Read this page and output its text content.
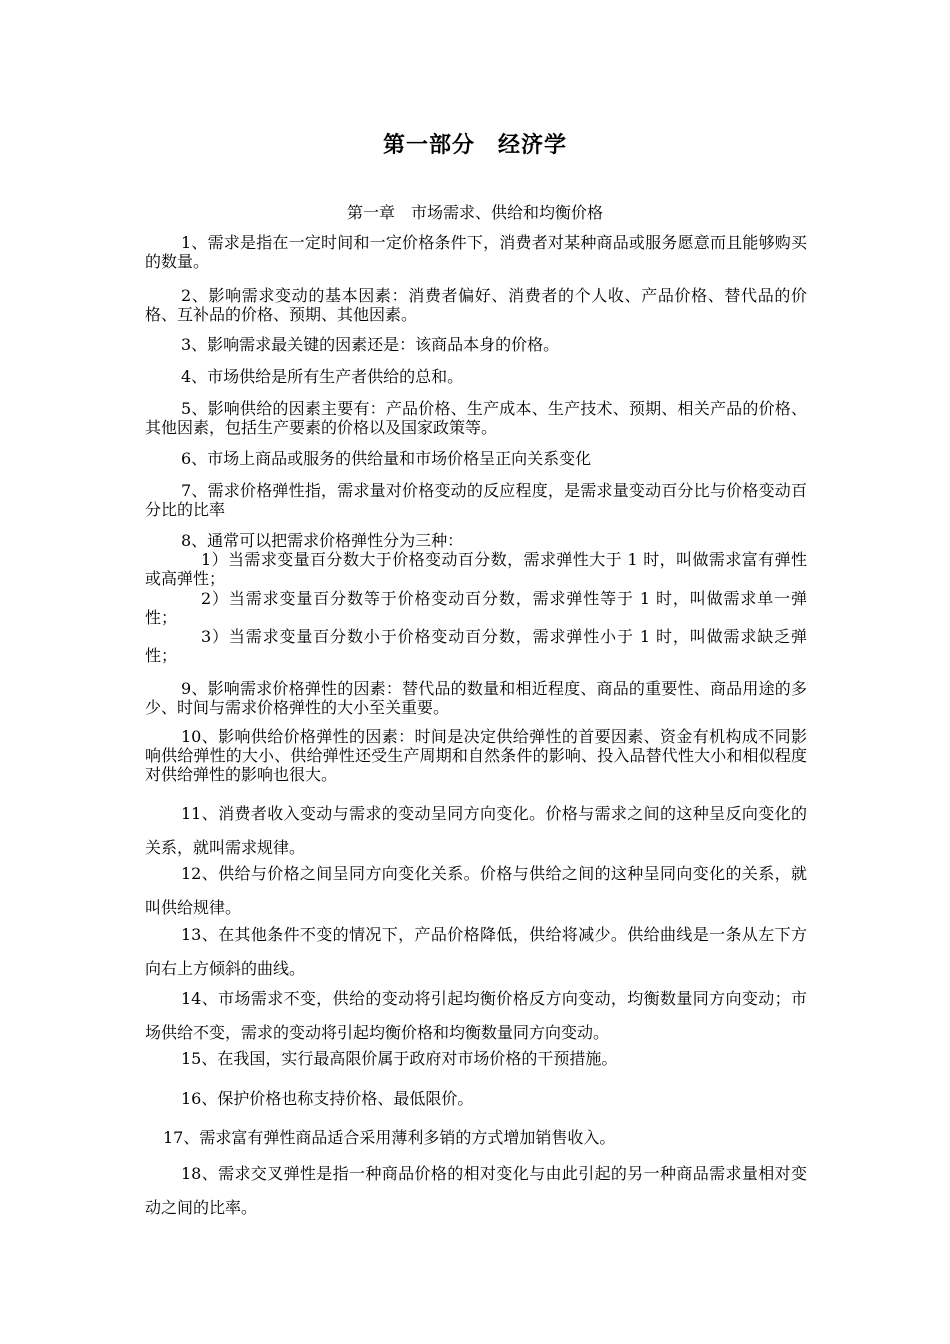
第一部分　经济学
第一章　市场需求、供给和均衡价格

1、需求是指在一定时间和一定价格条件下，消费者对某种商品或服务愿意而且能够购买的数量。

2、影响需求变动的基本因素：消费者偏好、消费者的个人收、产品价格、替代品的价格、互补品的价格、预期、其他因素。

3、影响需求最关键的因素还是：该商品本身的价格。

4、市场供给是所有生产者供给的总和。

5、影响供给的因素主要有：产品价格、生产成本、生产技术、预期、相关产品的价格、其他因素，包括生产要素的价格以及国家政策等。

6、市场上商品或服务的供给量和市场价格呈正向关系变化

7、需求价格弹性指，需求量对价格变动的反应程度，是需求量变动百分比与价格变动百分比的比率

8、通常可以把需求价格弹性分为三种：

1）当需求变量百分数大于价格变动百分数，需求弹性大于 1 时，叫做需求富有弹性或高弹性；

2）当需求变量百分数等于价格变动百分数，需求弹性等于 1 时，叫做需求单一弹性；

3）当需求变量百分数小于价格变动百分数，需求弹性小于 1 时，叫做需求缺乏弹性；

9、影响需求价格弹性的因素：替代品的数量和相近程度、商品的重要性、商品用途的多少、时间与需求价格弹性的大小至关重要。

10、影响供给价格弹性的因素：时间是决定供给弹性的首要因素、资金有机构成不同影响供给弹性的大小、供给弹性还受生产周期和自然条件的影响、投入品替代性大小和相似程度对供给弹性的影响也很大。

11、消费者收入变动与需求的变动呈同方向变化。价格与需求之间的这种呈反向变化的关系，就叫需求规律。

12、供给与价格之间呈同方向变化关系。价格与供给之间的这种呈同向变化的关系，就叫供给规律。

13、在其他条件不变的情况下，产品价格降低，供给将减少。供给曲线是一条从左下方向右上方倾斜的曲线。

14、市场需求不变，供给的变动将引起均衡价格反方向变动，均衡数量同方向变动；市场供给不变，需求的变动将引起均衡价格和均衡数量同方向变动。

15、在我国，实行最高限价属于政府对市场价格的干预措施。

16、保护价格也称支持价格、最低限价。

17、需求富有弹性商品适合采用薄利多销的方式增加销售收入。

18、需求交叉弹性是指一种商品价格的相对变化与由此引起的另一种商品需求量相对变动之间的比率。
